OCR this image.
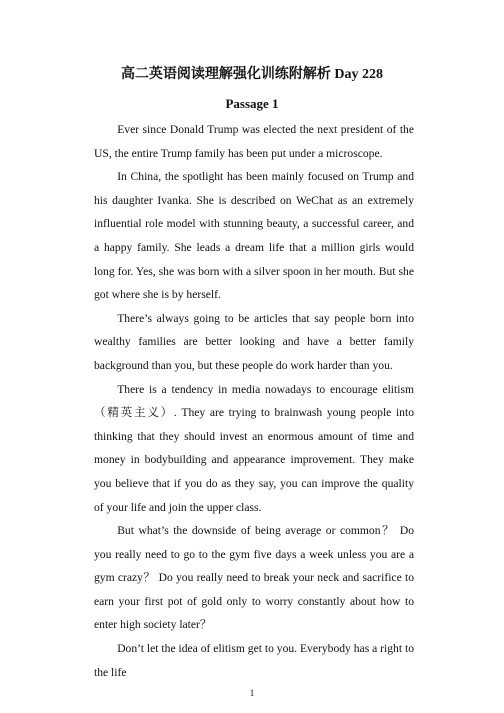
高二英语阅读理解强化训练附解析 Day 228
Passage 1

Ever since Donald Trump was elected the next president of the US, the entire Trump family has been put under a microscope.

In China, the spotlight has been mainly focused on Trump and his daughter Ivanka. She is described on WeChat as an extremely influential role model with stunning beauty, a successful career, and a happy family. She leads a dream life that a million girls would long for. Yes, she was born with a silver spoon in her mouth. But she got where she is by herself.

There’s always going to be articles that say people born into wealthy families are better looking and have a better family background than you, but these people do work harder than you.

There is a tendency in media nowadays to encourage elitism（精英主义）. They are trying to brainwash young people into thinking that they should invest an enormous amount of time and money in bodybuilding and appearance improvement. They make you believe that if you do as they say, you can improve the quality of your life and join the upper class.

But what’s the downside of being average or common？ Do you really need to go to the gym five days a week unless you are a gym crazy？ Do you really need to break your neck and sacrifice to earn your first pot of gold only to worry constantly about how to enter high society later？

Don’t let the idea of elitism get to you. Everybody has a right to the life

1
